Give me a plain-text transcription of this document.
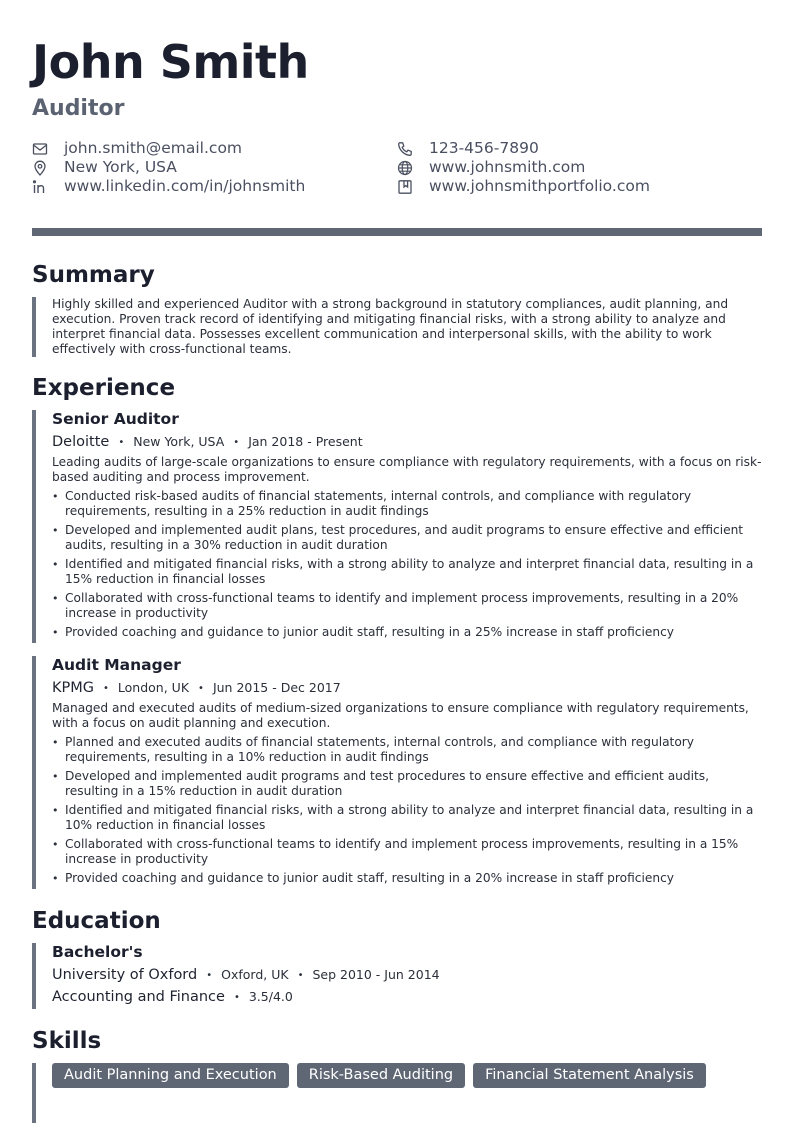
John Smith
Auditor
john.smith@email.com
New York, USA
www.linkedin.com/in/johnsmith
123-456-7890
www.johnsmith.com
www.johnsmithportfolio.com
Summary

Highly skilled and experienced Auditor with a strong background in statutory compliances, audit planning, and execution. Proven track record of identifying and mitigating financial risks, with a strong ability to analyze and interpret financial data. Possesses excellent communication and interpersonal skills, with the ability to work effectively with cross-functional teams.

Experience
Senior Auditor
Deloitte • New York, USA • Jan 2018 - Present

Leading audits of large-scale organizations to ensure compliance with regulatory requirements, with a focus on risk-based auditing and process improvement.

• Conducted risk-based audits of financial statements, internal controls, and compliance with regulatory requirements, resulting in a 25% reduction in audit findings
• Developed and implemented audit plans, test procedures, and audit programs to ensure effective and efficient audits, resulting in a 30% reduction in audit duration
• Identified and mitigated financial risks, with a strong ability to analyze and interpret financial data, resulting in a 15% reduction in financial losses
• Collaborated with cross-functional teams to identify and implement process improvements, resulting in a 20% increase in productivity
• Provided coaching and guidance to junior audit staff, resulting in a 25% increase in staff proficiency
Audit Manager
KPMG • London, UK • Jun 2015 - Dec 2017

Managed and executed audits of medium-sized organizations to ensure compliance with regulatory requirements, with a focus on audit planning and execution.

• Planned and executed audits of financial statements, internal controls, and compliance with regulatory requirements, resulting in a 10% reduction in audit findings
• Developed and implemented audit programs and test procedures to ensure effective and efficient audits, resulting in a 15% reduction in audit duration
• Identified and mitigated financial risks, with a strong ability to analyze and interpret financial data, resulting in a 10% reduction in financial losses
• Collaborated with cross-functional teams to identify and implement process improvements, resulting in a 15% increase in productivity
• Provided coaching and guidance to junior audit staff, resulting in a 20% increase in staff proficiency
Education
Bachelor's
University of Oxford • Oxford, UK • Sep 2010 - Jun 2014
Accounting and Finance • 3.5/4.0
Skills
Audit Planning and Execution	Risk-Based Auditing	Financial Statement Analysis
